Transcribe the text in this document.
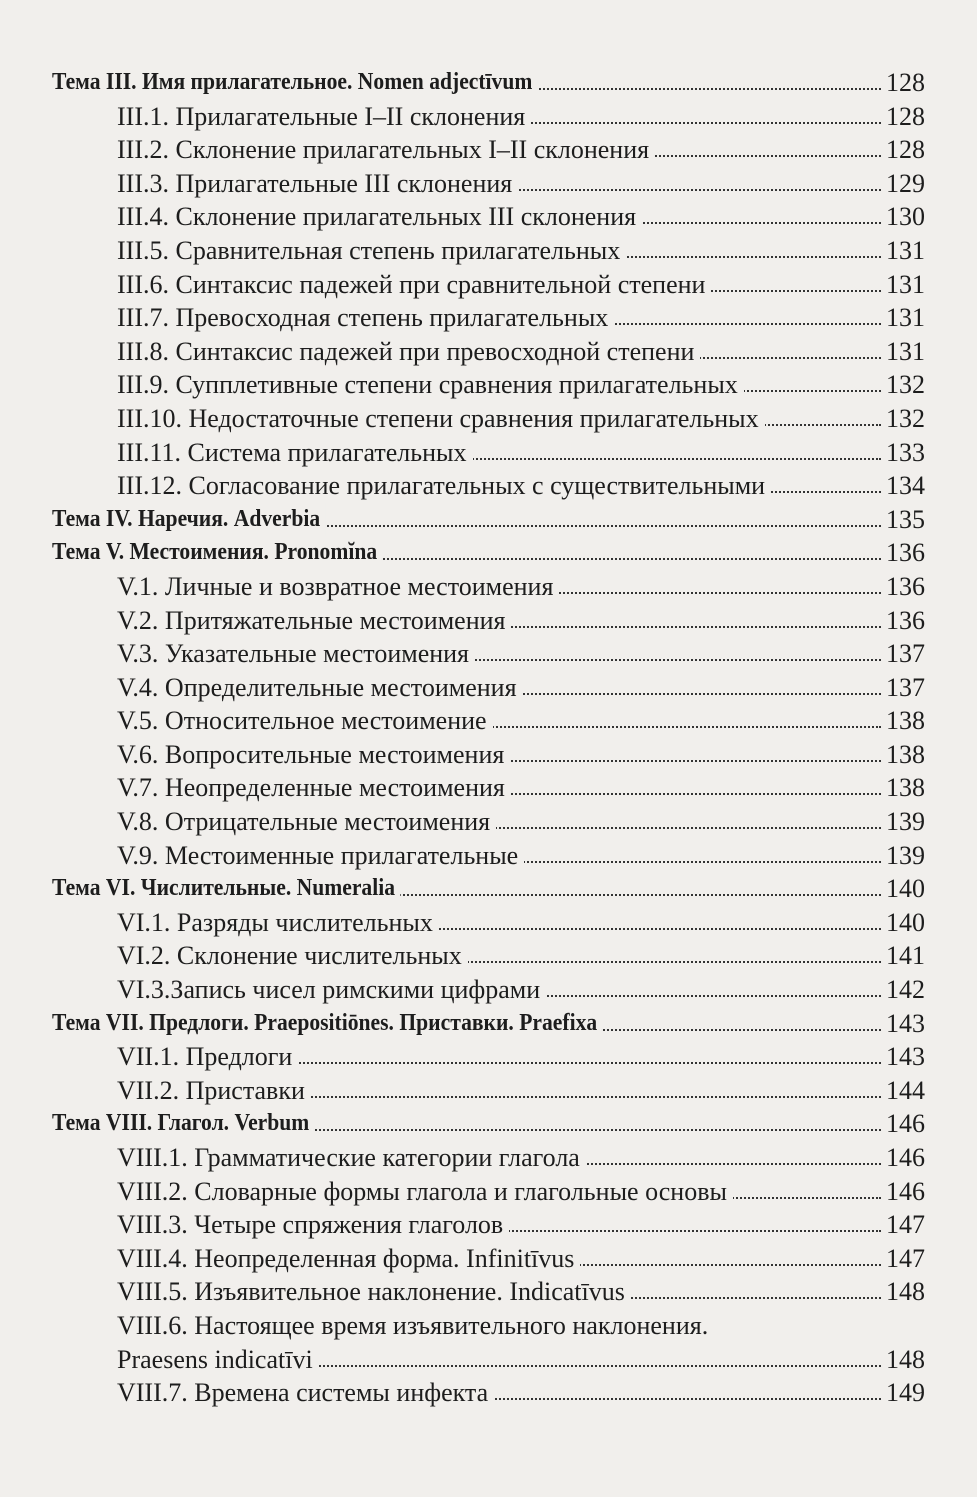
Тема III. Имя прилагательное. Nomen adjectīvum	128
III.1. Прилагательные I–II склонения	128
III.2. Склонение прилагательных I–II склонения	128
III.3. Прилагательные III склонения	129
III.4. Склонение прилагательных III склонения	130
III.5. Сравнительная степень прилагательных	131
III.6. Синтаксис падежей при сравнительной степени	131
III.7. Превосходная степень прилагательных	131
III.8. Синтаксис падежей при превосходной степени	131
III.9. Супплетивные степени сравнения прилагательных	132
III.10. Недостаточные степени сравнения прилагательных	132
III.11. Система прилагательных	133
III.12. Согласование прилагательных с существительными	134
Тема IV. Наречия. Adverbia	135
Тема V. Местоимения. Pronomĭna	136
V.1. Личные и возвратное местоимения	136
V.2. Притяжательные местоимения	136
V.3. Указательные местоимения	137
V.4. Определительные местоимения	137
V.5. Относительное местоимение	138
V.6. Вопросительные местоимения	138
V.7. Неопределенные местоимения	138
V.8. Отрицательные местоимения	139
V.9. Местоименные прилагательные	139
Тема VI. Числительные. Numeralia	140
VI.1. Разряды числительных	140
VI.2. Склонение числительных	141
VI.3.Запись чисел римскими цифрами	142
Тема VII. Предлоги. Praepositiōnes. Приставки. Praefixa	143
VII.1. Предлоги	143
VII.2. Приставки	144
Тема VIII. Глагол. Verbum	146
VIII.1. Грамматические категории глагола	146
VIII.2. Словарные формы глагола и глагольные основы	146
VIII.3. Четыре спряжения глаголов	147
VIII.4. Неопределенная форма. Infinitīvus	147
VIII.5. Изъявительное наклонение. Indicatīvus	148
VIII.6. Настоящее время изъявительного наклонения.
Praesens indicatīvi	148
VIII.7. Времена системы инфекта	149
